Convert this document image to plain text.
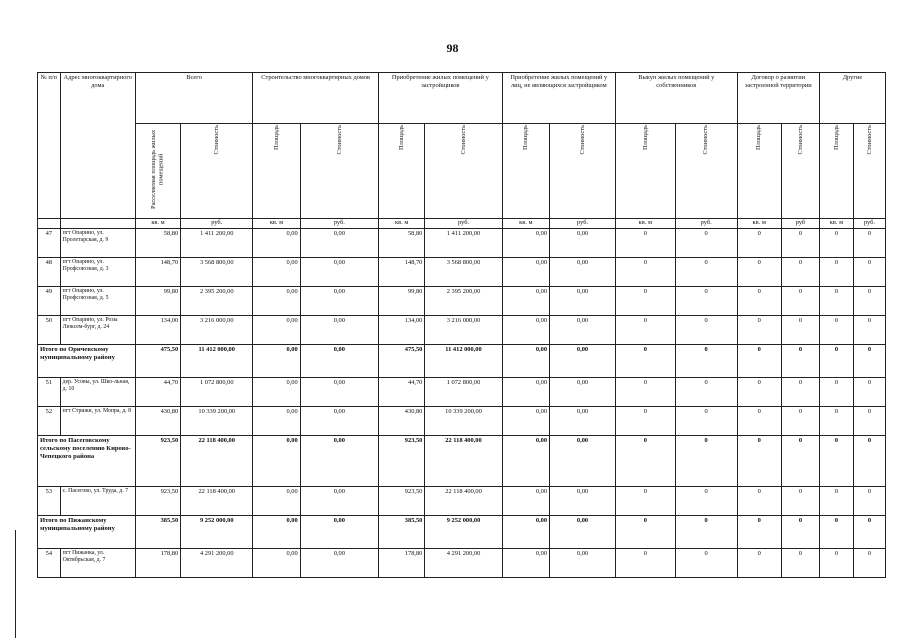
98
№ п/п	Адрес многоквартирного дома	Всего		Строительство многоквартирных домов		Приобретение жилых помещений у застройщиков		Приобретение жилых помещений у лиц, не являющихся застройщиком		Выкуп жилых помещений у собственников		Договор о развитии застроенной территории		Другие	

		Расселяемая площадь жилых помещений	Стоимость	Площадь	Стоимость	Площадь	Стоимость	Площадь	Стоимость	Площадь	Стоимость	Площадь	Стоимость	Площадь	Стоимость

		кв. м	руб.	кв. м	руб.	кв. м	руб.	кв. м	руб.	кв. м	руб.	кв. м	руб	кв. м	руб.
47	пгт Опарино, ул. Пролетарская, д. 9	58,80	1 411 200,00	0,00	0,00	58,80	1 411 200,00	0,00	0,00	0	0	0	0	0	0
48	пгт Опарино, ул. Профсоюзная, д. 3	148,70	3 568 800,00	0,00	0,00	148,70	3 568 800,00	0,00	0,00	0	0	0	0	0	0
49	пгт Опарино, ул. Профсоюзная, д. 5	99,80	2 395 200,00	0,00	0,00	99,80	2 395 200,00	0,00	0,00	0	0	0	0	0	0
50	пгт Опарино, ул. Розы Люксем-бург, д. 24	134,00	3 216 000,00	0,00	0,00	134,00	3 216 000,00	0,00	0,00	0	0	0	0	0	0
Итого по Оричевскому муниципальному району		475,50	11 412 000,00	0,00	0,00	475,50	11 412 000,00	0,00	0,00	0	0	0	0	0	0
51	дер. Усовы, ул. Шко-льная, д. 10	44,70	1 072 800,00	0,00	0,00	44,70	1 072 800,00	0,00	0,00	0	0	0	0	0	0
52	пгт Стрижи, ул. Мопра, д. 8	430,80	10 339 200,00	0,00	0,00	430,80	10 339 200,00	0,00	0,00	0	0	0	0	0	0
Итого по Пасеговскому сельскому поселению Кирово-Чепецкого района		923,50	22 118 400,00	0,00	0,00	923,50	22 118 400,00	0,00	0,00	0	0	0	0	0	0
53	с. Пасегово, ул. Труда, д. 7	923,50	22 118 400,00	0,00	0,00	923,50	22 118 400,00	0,00	0,00	0	0	0	0	0	0
Итого по Пижанскому муниципальному району		385,50	9 252 000,00	0,00	0,00	385,50	9 252 000,00	0,00	0,00	0	0	0	0	0	0
54	пгт Пижанка, ул. Октябрьская, д. 7	178,80	4 291 200,00	0,00	0,00	178,80	4 291 200,00	0,00	0,00	0	0	0	0	0	0
